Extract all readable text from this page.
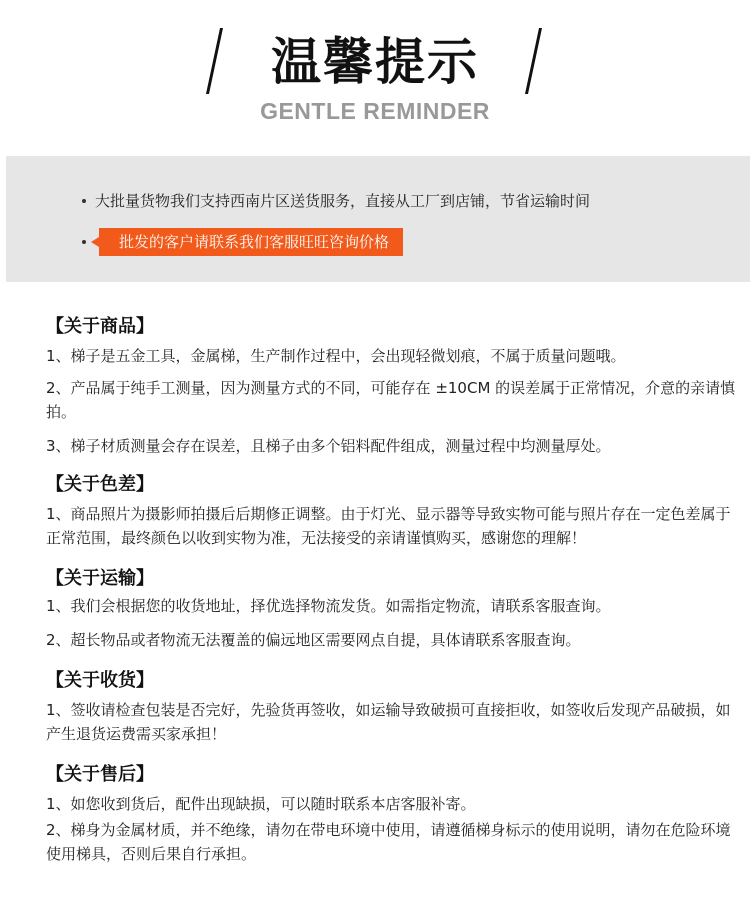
温馨提示
GENTLE REMINDER
大批量货物我们支持西南片区送货服务，直接从工厂到店铺，节省运输时间
批发的客户请联系我们客服旺旺咨询价格
【关于商品】
1、梯子是五金工具，金属梯，生产制作过程中，会出现轻微划痕，不属于质量问题哦。
2、产品属于纯手工测量，因为测量方式的不同，可能存在 ±10CM 的误差属于正常情况，介意的亲请慎拍。
3、梯子材质测量会存在误差，且梯子由多个铝料配件组成，测量过程中均测量厚处。
【关于色差】
1、商品照片为摄影师拍摄后后期修正调整。由于灯光、显示器等导致实物可能与照片存在一定色差属于正常范围，最终颜色以收到实物为准，无法接受的亲请谨慎购买，感谢您的理解！
【关于运输】
1、我们会根据您的收货地址，择优选择物流发货。如需指定物流，请联系客服查询。
2、超长物品或者物流无法覆盖的偏远地区需要网点自提，具体请联系客服查询。
【关于收货】
1、签收请检查包装是否完好，先验货再签收，如运输导致破损可直接拒收，如签收后发现产品破损，如产生退货运费需买家承担！
【关于售后】
1、如您收到货后，配件出现缺损，可以随时联系本店客服补寄。
2、梯身为金属材质，并不绝缘，请勿在带电环境中使用，请遵循梯身标示的使用说明，请勿在危险环境使用梯具，否则后果自行承担。
